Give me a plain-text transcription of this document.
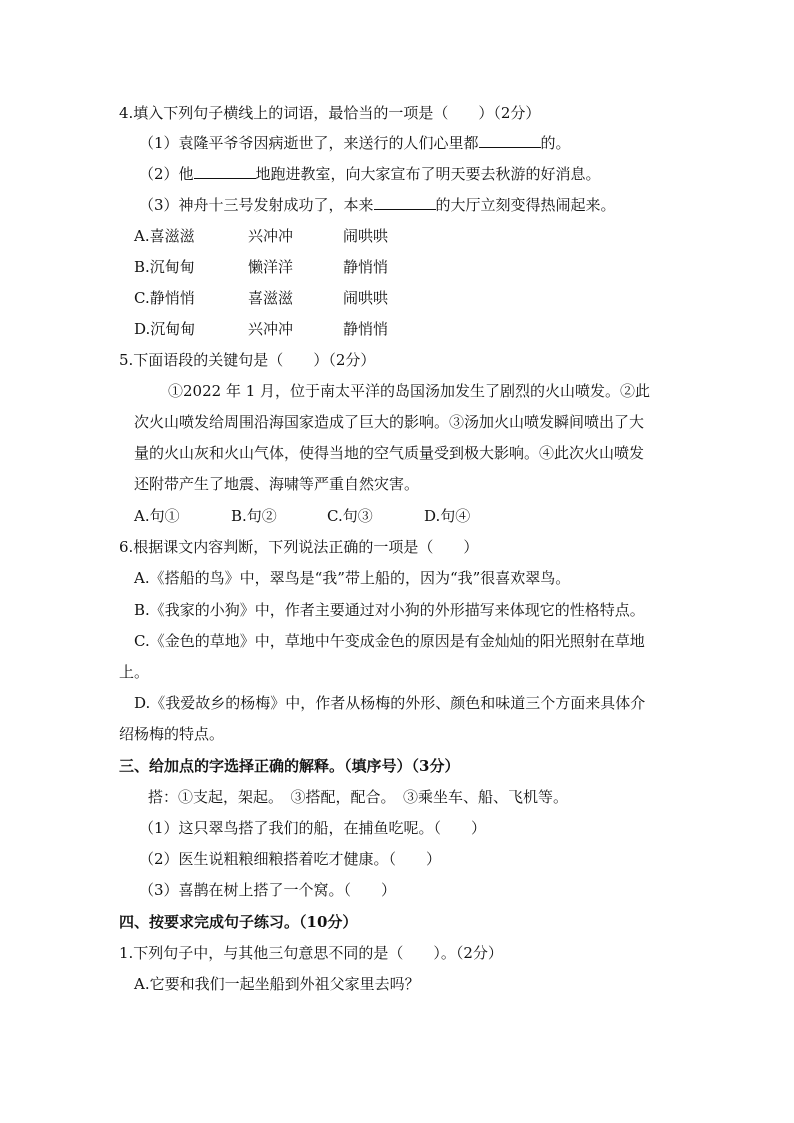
4.填入下列句子横线上的词语，最恰当的一项是（　　）（2分）

（1）袁隆平爷爷因病逝世了，来送行的人们心里都	的。

（2）他	地跑进教室，向大家宣布了明天要去秋游的好消息。

（3）神舟十三号发射成功了，本来	的大厅立刻变得热闹起来。

A.喜滋滋	兴冲冲	闹哄哄
B.沉甸甸	懒洋洋	静悄悄
C.静悄悄	喜滋滋	闹哄哄
D.沉甸甸	兴冲冲	静悄悄

5.下面语段的关键句是（　　）（2分）

①2022 年 1 月，位于南太平洋的岛国汤加发生了剧烈的火山喷发。②此

次火山喷发给周围沿海国家造成了巨大的影响。③汤加火山喷发瞬间喷出了大

量的火山灰和火山气体，使得当地的空气质量受到极大影响。④此次火山喷发

还附带产生了地震、海啸等严重自然灾害。

A.句①	B.句②	C.句③	D.句④

6.根据课文内容判断，下列说法正确的一项是（　　）

A.《搭船的鸟》中，翠鸟是“我”带上船的，因为“我”很喜欢翠鸟。

B.《我家的小狗》中，作者主要通过对小狗的外形描写来体现它的性格特点。

C.《金色的草地》中，草地中午变成金色的原因是有金灿灿的阳光照射在草地

上。

D.《我爱故乡的杨梅》中，作者从杨梅的外形、颜色和味道三个方面来具体介

绍杨梅的特点。

三、给加点的字选择正确的解释。（填序号）（3分）

搭：①支起，架起。　③搭配，配合。　③乘坐车、船、飞机等。

（1）这只翠鸟搭了我们的船，在捕鱼吃呢。（　　）

（2）医生说粗粮细粮搭着吃才健康。（　　）

（3）喜鹊在树上搭了一个窝。（　　）

四、按要求完成句子练习。（10分）

1.下列句子中，与其他三句意思不同的是（　　）。（2分）

A.它要和我们一起坐船到外祖父家里去吗？
